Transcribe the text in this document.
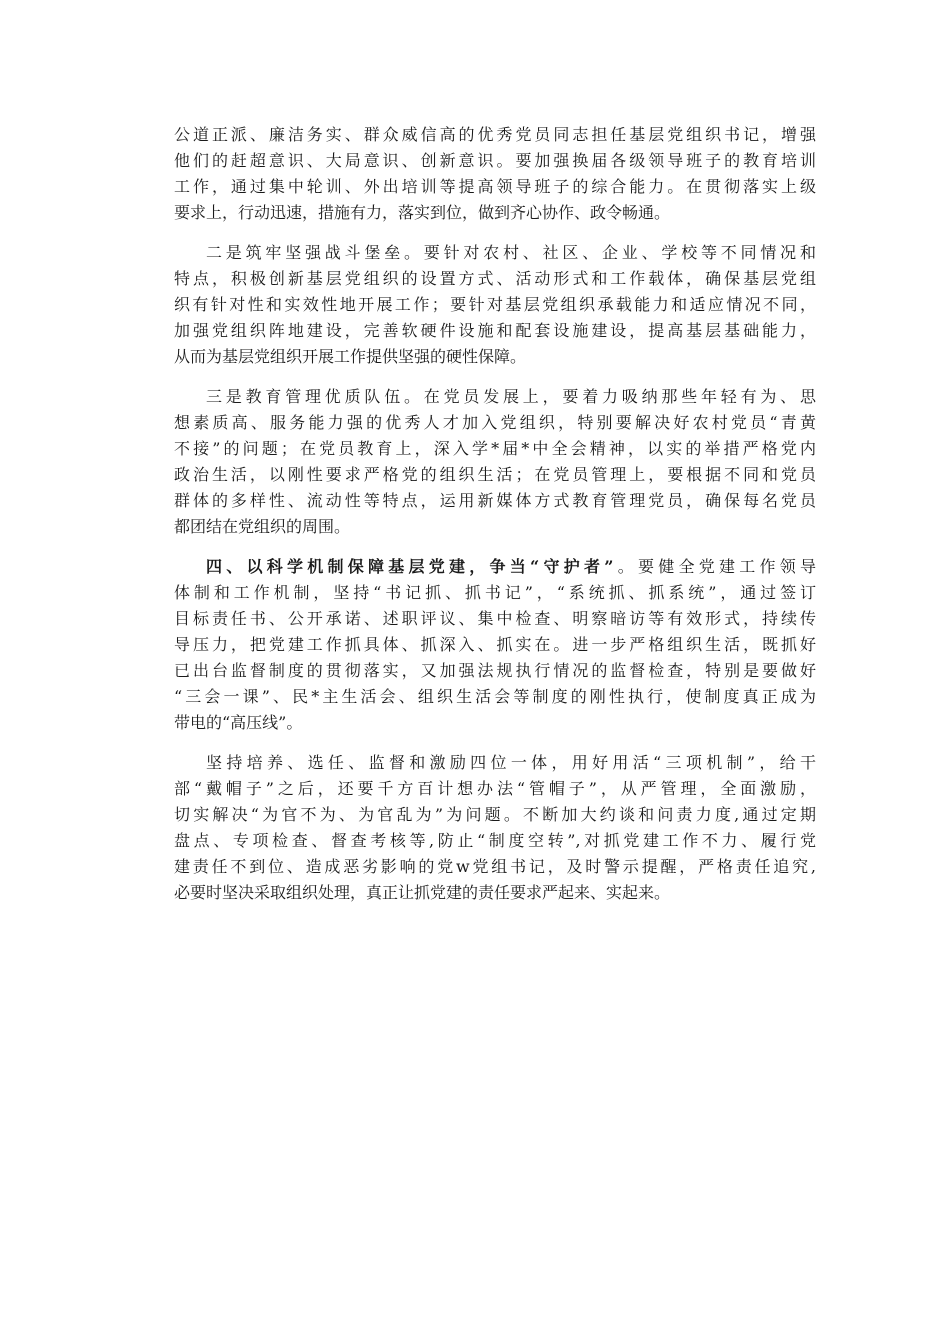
公道正派、廉洁务实、群众威信高的优秀党员同志担任基层党组织书记，增强
他们的赶超意识、大局意识、创新意识。要加强换届各级领导班子的教育培训
工作，通过集中轮训、外出培训等提高领导班子的综合能力。在贯彻落实上级
要求上，行动迅速，措施有力，落实到位，做到齐心协作、政令畅通。
二是筑牢坚强战斗堡垒。要针对农村、社区、企业、学校等不同情况和
特点，积极创新基层党组织的设置方式、活动形式和工作载体，确保基层党组
织有针对性和实效性地开展工作；要针对基层党组织承载能力和适应情况不同，
加强党组织阵地建设，完善软硬件设施和配套设施建设，提高基层基础能力，
从而为基层党组织开展工作提供坚强的硬性保障。
三是教育管理优质队伍。在党员发展上，要着力吸纳那些年轻有为、思
想素质高、服务能力强的优秀人才加入党组织，特别要解决好农村党员“青黄
不接”的问题；在党员教育上，深入学*届*中全会精神，以实的举措严格党内
政治生活，以刚性要求严格党的组织生活；在党员管理上，要根据不同和党员
群体的多样性、流动性等特点，运用新媒体方式教育管理党员，确保每名党员
都团结在党组织的周围。
四、以科学机制保障基层党建，争当“守护者”。要健全党建工作领导
体制和工作机制，坚持“书记抓、抓书记”，“系统抓、抓系统”，通过签订
目标责任书、公开承诺、述职评议、集中检查、明察暗访等有效形式，持续传
导压力，把党建工作抓具体、抓深入、抓实在。进一步严格组织生活，既抓好
已出台监督制度的贯彻落实，又加强法规执行情况的监督检查，特别是要做好
“三会一课”、民*主生活会、组织生活会等制度的刚性执行，使制度真正成为
带电的“高压线”。
坚持培养、选任、监督和激励四位一体，用好用活“三项机制”，给干
部“戴帽子”之后，还要千方百计想办法“管帽子”，从严管理，全面激励，
切实解决“为官不为、为官乱为”为问题。不断加大约谈和问责力度,通过定期
盘点、专项检查、督查考核等,防止“制度空转”,对抓党建工作不力、履行党
建责任不到位、造成恶劣影响的党w党组书记，及时警示提醒，严格责任追究,
必要时坚决采取组织处理，真正让抓党建的责任要求严起来、实起来。
